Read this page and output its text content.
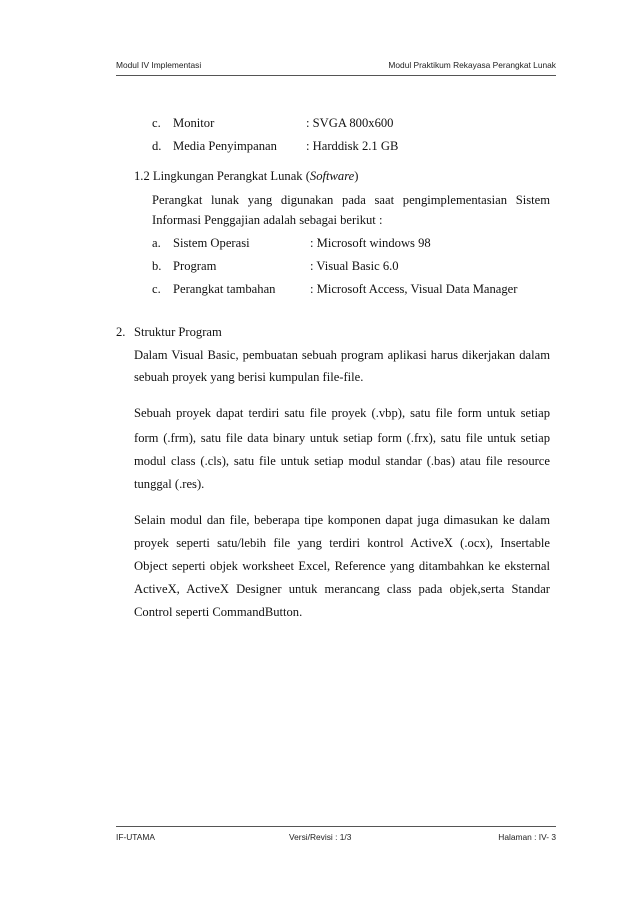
Modul IV Implementasi	Modul Praktikum Rekayasa Perangkat Lunak
c. Monitor	: SVGA 800x600
d. Media Penyimpanan : Harddisk 2.1 GB
1.2 Lingkungan Perangkat Lunak (Software)
Perangkat lunak yang digunakan pada saat pengimplementasian Sistem
Informasi Penggajian adalah sebagai berikut :
a. Sistem Operasi	: Microsoft windows 98
b. Program	: Visual Basic 6.0
c. Perangkat tambahan	: Microsoft Access, Visual Data Manager
2. Struktur Program
Dalam Visual Basic, pembuatan sebuah program aplikasi harus dikerjakan dalam
sebuah proyek yang berisi kumpulan file-file.
Sebuah proyek dapat terdiri satu file proyek (.vbp), satu file form untuk setiap
form (.frm), satu file data binary untuk setiap form (.frx), satu file untuk setiap
modul class (.cls), satu file untuk setiap modul standar (.bas) atau file resource
tunggal (.res).
Selain modul dan file, beberapa tipe komponen dapat juga dimasukan ke dalam
proyek seperti satu/lebih file yang terdiri kontrol ActiveX (.ocx), Insertable
Object seperti objek worksheet Excel, Reference yang ditambahkan ke eksternal
ActiveX, ActiveX Designer untuk merancang class pada objek,serta Standar
Control seperti CommandButton.
IF-UTAMA	Versi/Revisi : 1/3	Halaman : IV- 3
